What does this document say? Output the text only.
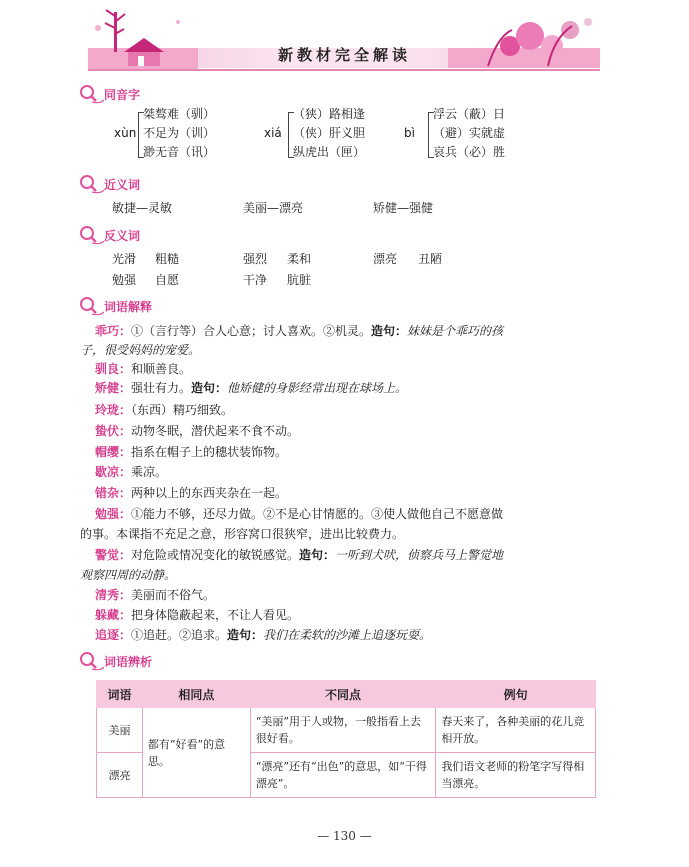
新教材完全解读
同音字
xùn
桀骜难（驯）
不足为（训）
渺无音（讯）
xiá
（狭）路相逢
（侠）肝义胆
纵虎出（匣）
bì
浮云（蔽）日
（避）实就虚
哀兵（必）胜
近义词
敏捷—灵敏	美丽—漂亮	矫健—强健
反义词
光滑 粗糙	强烈 柔和	漂亮 丑陋
勉强 自愿	干净 肮脏
词语解释
乖巧：①（言行等）合人心意；讨人喜欢。②机灵。造句：妹妹是个乖巧的孩
子，很受妈妈的宠爱。
驯良：和顺善良。
矫健：强壮有力。造句：他矫健的身影经常出现在球场上。
玲珑：（东西）精巧细致。
蛰伏：动物冬眠，潜伏起来不食不动。
帽缨：指系在帽子上的穗状装饰物。
歇凉：乘凉。
错杂：两种以上的东西夹杂在一起。
勉强：①能力不够，还尽力做。②不是心甘情愿的。③使人做他自己不愿意做
的事。本课指不充足之意，形容窝口很狭窄，进出比较费力。
警觉：对危险或情况变化的敏锐感觉。造句：一听到犬吠，侦察兵马上警觉地
观察四周的动静。
清秀：美丽而不俗气。
躲藏：把身体隐蔽起来，不让人看见。
追逐：①追赶。②追求。造句：我们在柔软的沙滩上追逐玩耍。
词语辨析
词语	相同点	不同点	例句
美丽	都有“好看”的意思。	“美丽”用于人或物，一般指看上去很好看。	春天来了，各种美丽的花儿竞相开放。
漂亮		“漂亮”还有“出色”的意思，如“干得漂亮”。	我们语文老师的粉笔字写得相当漂亮。
— 130 —
